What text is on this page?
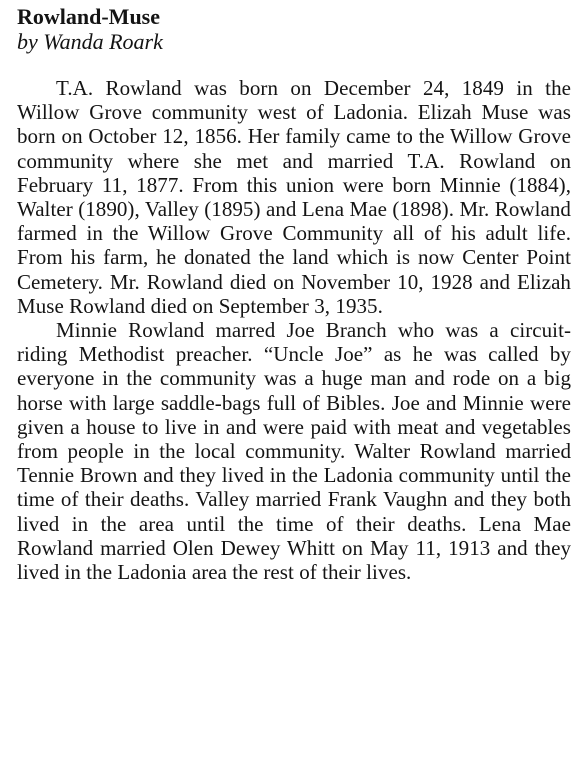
Rowland-Muse
by Wanda Roark

T.A. Rowland was born on December 24, 1849 in the Willow Grove community west of Ladonia. Elizah Muse was born on October 12, 1856. Her family came to the Willow Grove community where she met and married T.A. Rowland on February 11, 1877. From this union were born Minnie (1884), Walter (1890), Valley (1895) and Lena Mae (1898). Mr. Rowland farmed in the Willow Grove Community all of his adult life. From his farm, he donated the land which is now Center Point Cemetery. Mr. Rowland died on November 10, 1928 and Elizah Muse Rowland died on September 3, 1935.

Minnie Rowland marred Joe Branch who was a circuit-riding Methodist preacher. “Uncle Joe” as he was called by everyone in the community was a huge man and rode on a big horse with large saddle-bags full of Bibles. Joe and Minnie were given a house to live in and were paid with meat and vegetables from people in the local community. Walter Rowland married Tennie Brown and they lived in the Ladonia community until the time of their deaths. Valley married Frank Vaughn and they both lived in the area until the time of their deaths. Lena Mae Rowland married Olen Dewey Whitt on May 11, 1913 and they lived in the Ladonia area the rest of their lives.
